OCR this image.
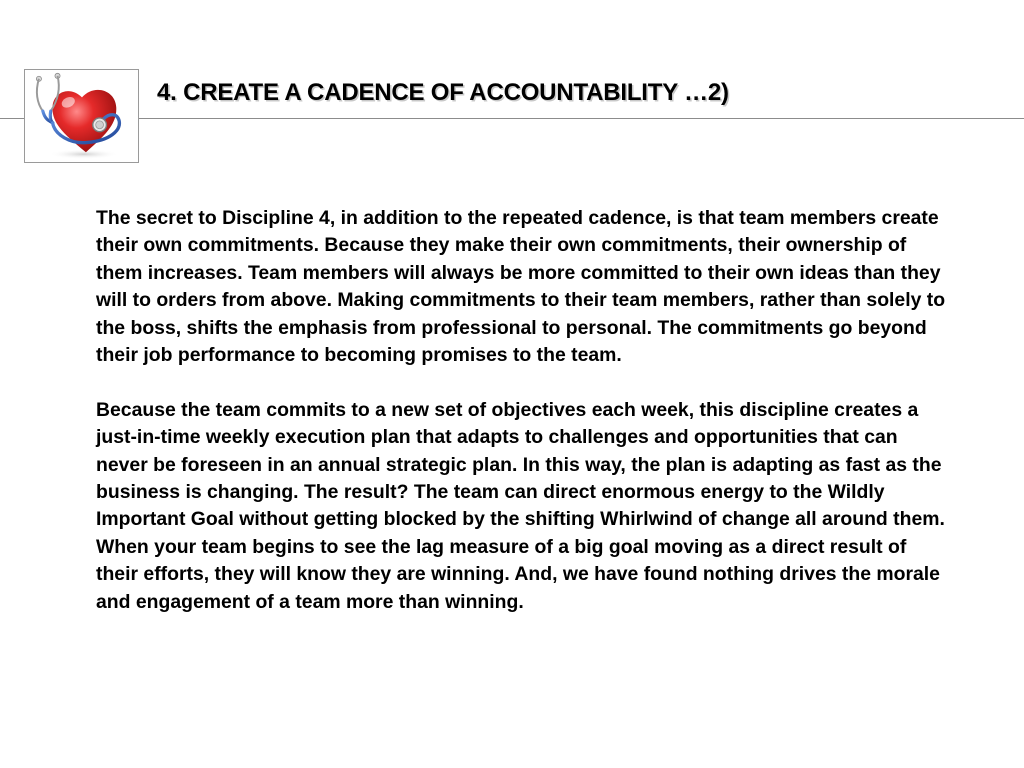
4. CREATE A CADENCE OF ACCOUNTABILITY …2)

The secret to Discipline 4, in addition to the repeated cadence, is that team members create their own commitments. Because they make their own commitments, their ownership of them increases. Team members will always be more committed to their own ideas than they will to orders from above. Making commitments to their team members, rather than solely to the boss, shifts the emphasis from professional to personal. The commitments go beyond their job performance to becoming promises to the team.

Because the team commits to a new set of objectives each week, this discipline creates a just-in-time weekly execution plan that adapts to challenges and opportunities that can never be foreseen in an annual strategic plan. In this way, the plan is adapting as fast as the business is changing. The result? The team can direct enormous energy to the Wildly Important Goal without getting blocked by the shifting Whirlwind of change all around them. When your team begins to see the lag measure of a big goal moving as a direct result of their efforts, they will know they are winning. And, we have found nothing drives the morale and engagement of a team more than winning.
